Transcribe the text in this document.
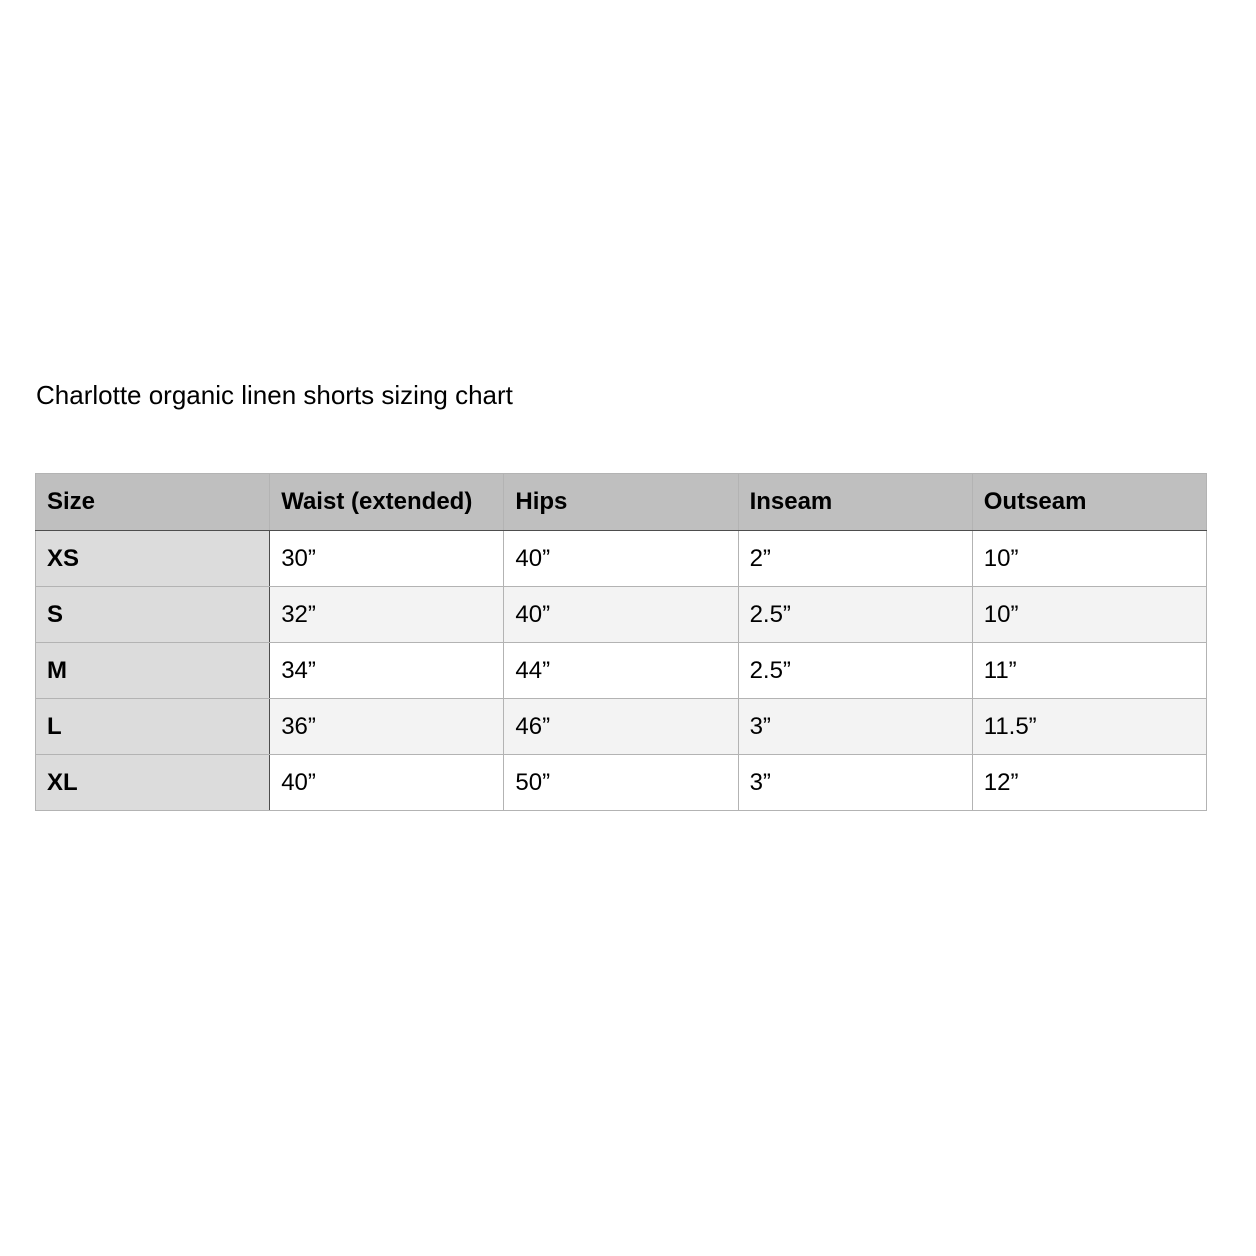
Charlotte organic linen shorts sizing chart
Size	Waist (extended)	Hips	Inseam	Outseam
XS	30”	40”	2”	10”
S	32”	40”	2.5”	10”
M	34”	44”	2.5”	11”
L	36”	46”	3”	11.5”
XL	40”	50”	3”	12”
